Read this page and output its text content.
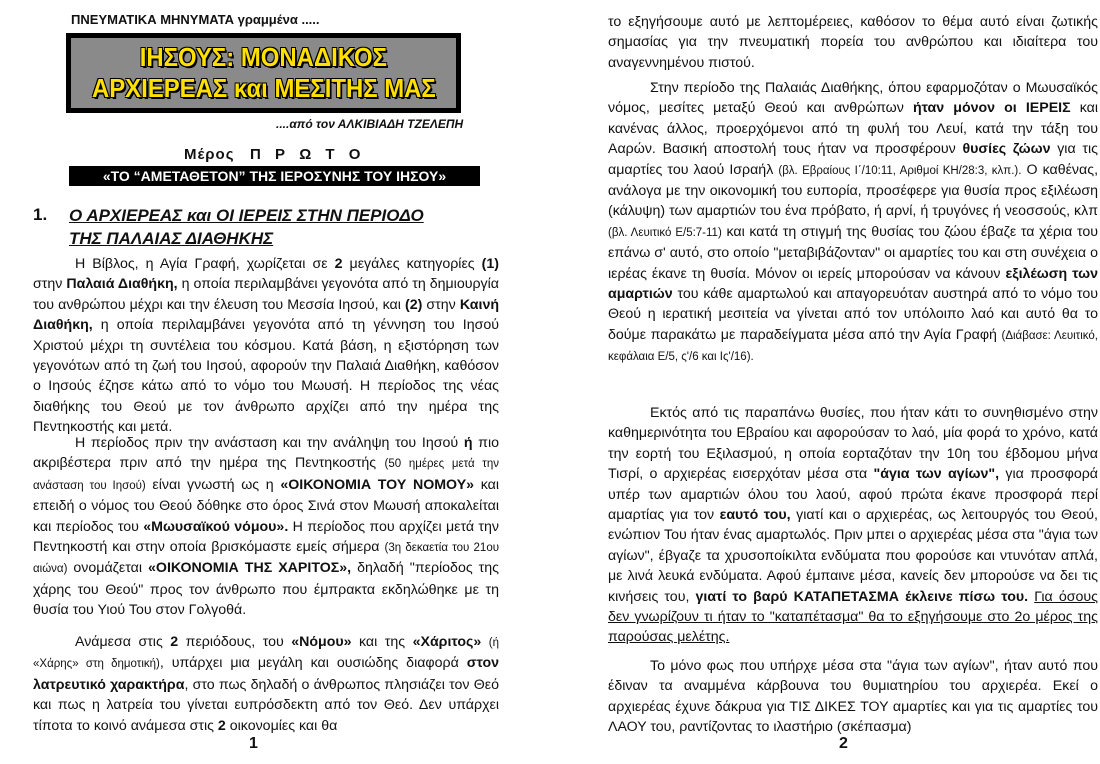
ΠΝΕΥΜΑΤΙΚΑ ΜΗΝΥΜΑΤΑ γραμμένα .....
ΙΗΣΟΥΣ: ΜΟΝΑΔΙΚΟΣ
ΑΡΧΙΕΡΕΑΣ και ΜΕΣΙΤΗΣ ΜΑΣ
....από τον ΑΛΚΙΒΙΑΔΗ ΤΖΕΛΕΠΗ
Μέρος Π Ρ Ω Τ Ο
«ΤΟ “ΑΜΕΤΑΘΕΤΟΝ” ΤΗΣ ΙΕΡΟΣΥΝΗΣ ΤΟΥ ΙΗΣΟΥ»
1. Ο ΑΡΧΙΕΡΕΑΣ και ΟΙ ΙΕΡΕΙΣ ΣΤΗΝ ΠΕΡΙΟΔΟ
ΤΗΣ ΠΑΛΑΙΑΣ ΔΙΑΘΗΚΗΣ

Η Βίβλος, η Αγία Γραφή, χωρίζεται σε 2 μεγάλες κατηγορίες (1) στην Παλαιά Διαθήκη, η οποία περιλαμβάνει γεγονότα από τη δημιουργία του ανθρώπου μέχρι και την έλευση του Μεσσία Ιησού, και (2) στην Καινή Διαθήκη, η οποία περιλαμβάνει γεγονότα από τη γέννηση του Ιησού Χριστού μέχρι τη συντέλεια του κόσμου. Κατά βάση, η εξιστόρηση των γεγονότων από τη ζωή του Ιησού, αφορούν την Παλαιά Διαθήκη, καθόσον ο Ιησούς έζησε κάτω από το νόμο του Μωυσή. Η περίοδος της νέας διαθήκης του Θεού με τον άνθρωπο αρχίζει από την ημέρα της Πεντηκοστής και μετά.

Η περίοδος πριν την ανάσταση και την ανάληψη του Ιησού ή πιο ακριβέστερα πριν από την ημέρα της Πεντηκοστής (50 ημέρες μετά την ανάσταση του Ιησού) είναι γνωστή ως η «ΟΙΚΟΝΟΜΙΑ ΤΟΥ ΝΟΜΟΥ» και επειδή ο νόμος του Θεού δόθηκε στο όρος Σινά στον Μωυσή αποκαλείται και περίοδος του «Μωυσαϊκού νόμου». Η περίοδος που αρχίζει μετά την Πεντηκοστή και στην οποία βρισκόμαστε εμείς σήμερα (3η δεκαετία του 21ου αιώνα) ονομάζεται «ΟΙΚΟΝΟΜΙΑ ΤΗΣ ΧΑΡΙΤΟΣ», δηλαδή "περίοδος της χάρης του Θεού" προς τον άνθρωπο που έμπρακτα εκδηλώθηκε με τη θυσία του Υιού Του στον Γολγοθά.

Ανάμεσα στις 2 περιόδους, του «Νόμου» και της «Χάριτος» (ή «Χάρης» στη δημοτική), υπάρχει μια μεγάλη και ουσιώδης διαφορά στον λατρευτικό χαρακτήρα, στο πως δηλαδή ο άνθρωπος πλησιάζει τον Θεό και πως η λατρεία του γίνεται ευπρόσδεκτη από τον Θεό. Δεν υπάρχει τίποτα το κοινό ανάμεσα στις 2 οικονομίες και θα

1

το εξηγήσουμε αυτό με λεπτομέρειες, καθόσον το θέμα αυτό είναι ζωτικής σημασίας για την πνευματική πορεία του ανθρώπου και ιδιαίτερα του αναγεννημένου πιστού.

Στην περίοδο της Παλαιάς Διαθήκης, όπου εφαρμοζόταν ο Μωυσαϊκός νόμος, μεσίτες μεταξύ Θεού και ανθρώπων ήταν μόνον οι ΙΕΡΕΙΣ και κανένας άλλος, προερχόμενοι από τη φυλή του Λευί, κατά την τάξη του Ααρών. Βασική αποστολή τους ήταν να προσφέρουν θυσίες ζώων για τις αμαρτίες του λαού Ισραήλ (βλ. Εβραίους Ι΄/10:11, Αριθμοί ΚΗ/28:3, κλπ.). Ο καθένας, ανάλογα με την οικονομική του ευπορία, προσέφερε για θυσία προς εξιλέωση (κάλυψη) των αμαρτιών του ένα πρόβατο, ή αρνί, ή τρυγόνες ή νεοσσούς, κλπ (βλ. Λευιτικό Ε/5:7-11) και κατά τη στιγμή της θυσίας του ζώου έβαζε τα χέρια του επάνω σ' αυτό, στο οποίο "μεταβιβάζονταν" οι αμαρτίες του και στη συνέχεια ο ιερέας έκανε τη θυσία. Μόνον οι ιερείς μπορούσαν να κάνουν εξιλέωση των αμαρτιών του κάθε αμαρτωλού και απαγορευόταν αυστηρά από το νόμο του Θεού η ιερατική μεσιτεία να γίνεται από τον υπόλοιπο λαό και αυτό θα το δούμε παρακάτω με παραδείγματα μέσα από την Αγία Γραφή (Διάβασε: Λευιτικό, κεφάλαια Ε/5, ς'/6 και Ις'/16).

Εκτός από τις παραπάνω θυσίες, που ήταν κάτι το συνηθισμένο στην καθημερινότητα του Εβραίου και αφορούσαν το λαό, μία φορά το χρόνο, κατά την εορτή του Εξιλασμού, η οποία εορταζόταν την 10η του έβδομου μήνα Τισρί, ο αρχιερέας εισερχόταν μέσα στα "άγια των αγίων", για προσφορά υπέρ των αμαρτιών όλου του λαού, αφού πρώτα έκανε προσφορά περί αμαρτίας για τον εαυτό του, γιατί και ο αρχιερέας, ως λειτουργός του Θεού, ενώπιον Του ήταν ένας αμαρτωλός. Πριν μπει ο αρχιερέας μέσα στα "άγια των αγίων", έβγαζε τα χρυσοποίκιλτα ενδύματα που φορούσε και ντυνόταν απλά, με λινά λευκά ενδύματα. Αφού έμπαινε μέσα, κανείς δεν μπορούσε να δει τις κινήσεις του, γιατί το βαρύ ΚΑΤΑΠΕΤΑΣΜΑ έκλεινε πίσω του. Για όσους δεν γνωρίζουν τι ήταν το "καταπέτασμα" θα το εξηγήσουμε στο 2ο μέρος της παρούσας μελέτης.

Το μόνο φως που υπήρχε μέσα στα "άγια των αγίων", ήταν αυτό που έδιναν τα αναμμένα κάρβουνα του θυμιατηρίου του αρχιερέα. Εκεί ο αρχιερέας έχυνε δάκρυα για ΤΙΣ ΔΙΚΕΣ ΤΟΥ αμαρτίες και για τις αμαρτίες του ΛΑΟΥ του, ραντίζοντας το ιλαστήριο (σκέπασμα)

2
